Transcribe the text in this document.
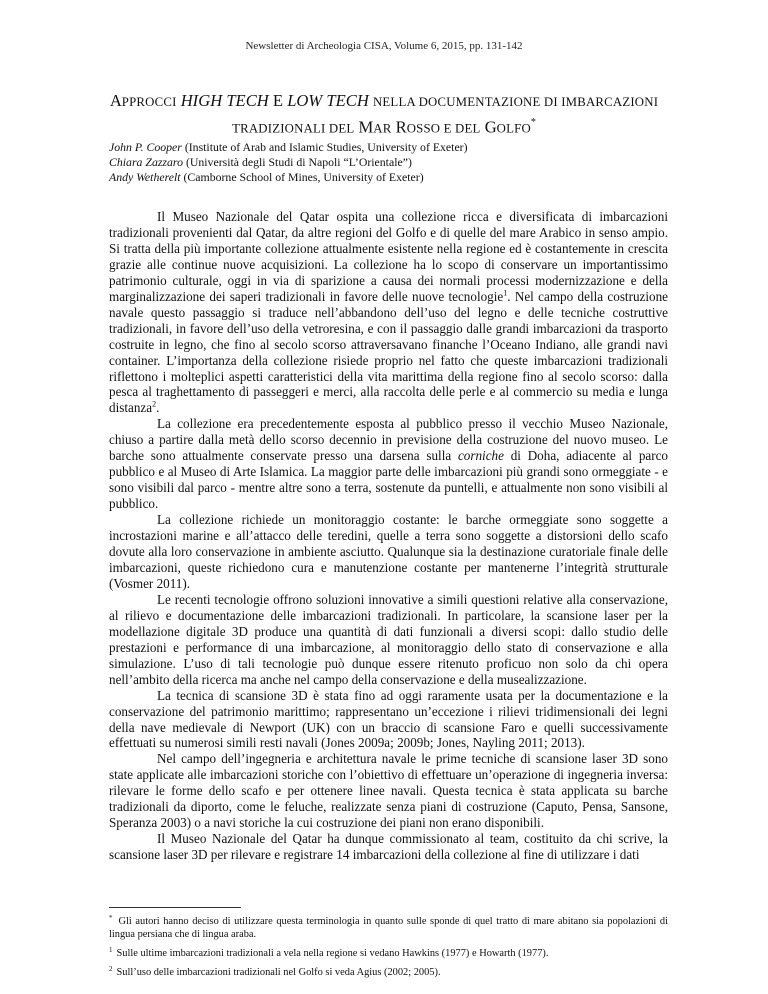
Newsletter di Archeologia CISA, Volume 6, 2015, pp. 131-142
APPROCCI HIGH TECH E LOW TECH NELLA DOCUMENTAZIONE DI IMBARCAZIONI
TRADIZIONALI DEL MAR ROSSO E DEL GOLFO*
John P. Cooper (Institute of Arab and Islamic Studies, University of Exeter)
Chiara Zazzaro (Università degli Studi di Napoli “L’Orientale”)
Andy Wetherelt (Camborne School of Mines, University of Exeter)

Il Museo Nazionale del Qatar ospita una collezione ricca e diversificata di imbarcazioni tradizionali provenienti dal Qatar, da altre regioni del Golfo e di quelle del mare Arabico in senso ampio. Si tratta della più importante collezione attualmente esistente nella regione ed è costantemente in crescita grazie alle continue nuove acquisizioni. La collezione ha lo scopo di conservare un importantissimo patrimonio culturale, oggi in via di sparizione a causa dei normali processi modernizzazione e della marginalizzazione dei saperi tradizionali in favore delle nuove tecnologie$^1$. Nel campo della costruzione navale questo passaggio si traduce nell’abbandono dell’uso del legno e delle tecniche costruttive tradizionali, in favore dell’uso della vetroresina, e con il passaggio dalle grandi imbarcazioni da trasporto costruite in legno, che fino al secolo scorso attraversavano finanche l’Oceano Indiano, alle grandi navi container. L’importanza della collezione risiede proprio nel fatto che queste imbarcazioni tradizionali riflettono i molteplici aspetti caratteristici della vita marittima della regione fino al secolo scorso: dalla pesca al traghettamento di passeggeri e merci, alla raccolta delle perle e al commercio su media e lunga distanza$^2$.

La collezione era precedentemente esposta al pubblico presso il vecchio Museo Nazionale, chiuso a partire dalla metà dello scorso decennio in previsione della costruzione del nuovo museo. Le barche sono attualmente conservate presso una darsena sulla corniche di Doha, adiacente al parco pubblico e al Museo di Arte Islamica. La maggior parte delle imbarcazioni più grandi sono ormeggiate - e sono visibili dal parco - mentre altre sono a terra, sostenute da puntelli, e attualmente non sono visibili al pubblico.

La collezione richiede un monitoraggio costante: le barche ormeggiate sono soggette a incrostazioni marine e all’attacco delle teredini, quelle a terra sono soggette a distorsioni dello scafo dovute alla loro conservazione in ambiente asciutto. Qualunque sia la destinazione curatoriale finale delle imbarcazioni, queste richiedono cura e manutenzione costante per mantenerne l’integrità strutturale (Vosmer 2011).

Le recenti tecnologie offrono soluzioni innovative a simili questioni relative alla conservazione, al rilievo e documentazione delle imbarcazioni tradizionali. In particolare, la scansione laser per la modellazione digitale 3D produce una quantità di dati funzionali a diversi scopi: dallo studio delle prestazioni e performance di una imbarcazione, al monitoraggio dello stato di conservazione e alla simulazione. L’uso di tali tecnologie può dunque essere ritenuto proficuo non solo da chi opera nell’ambito della ricerca ma anche nel campo della conservazione e della musealizzazione.

La tecnica di scansione 3D è stata fino ad oggi raramente usata per la documentazione e la conservazione del patrimonio marittimo; rappresentano un’eccezione i rilievi tridimensionali dei legni della nave medievale di Newport (UK) con un braccio di scansione Faro e quelli successivamente effettuati su numerosi simili resti navali (Jones 2009a; 2009b; Jones, Nayling 2011; 2013).

Nel campo dell’ingegneria e architettura navale le prime tecniche di scansione laser 3D sono state applicate alle imbarcazioni storiche con l’obiettivo di effettuare un’operazione di ingegneria inversa: rilevare le forme dello scafo e per ottenere linee navali. Questa tecnica è stata applicata su barche tradizionali da diporto, come le feluche, realizzate senza piani di costruzione (Caputo, Pensa, Sansone, Speranza 2003) o a navi storiche la cui costruzione dei piani non erano disponibili.

Il Museo Nazionale del Qatar ha dunque commissionato al team, costituito da chi scrive, la scansione laser 3D per rilevare e registrare 14 imbarcazioni della collezione al fine di utilizzare i dati

* Gli autori hanno deciso di utilizzare questa terminologia in quanto sulle sponde di quel tratto di mare abitano sia popolazioni di lingua persiana che di lingua araba.

$^1$ Sulle ultime imbarcazioni tradizionali a vela nella regione si vedano Hawkins (1977) e Howarth (1977).

$^2$ Sull’uso delle imbarcazioni tradizionali nel Golfo si veda Agius (2002; 2005).
